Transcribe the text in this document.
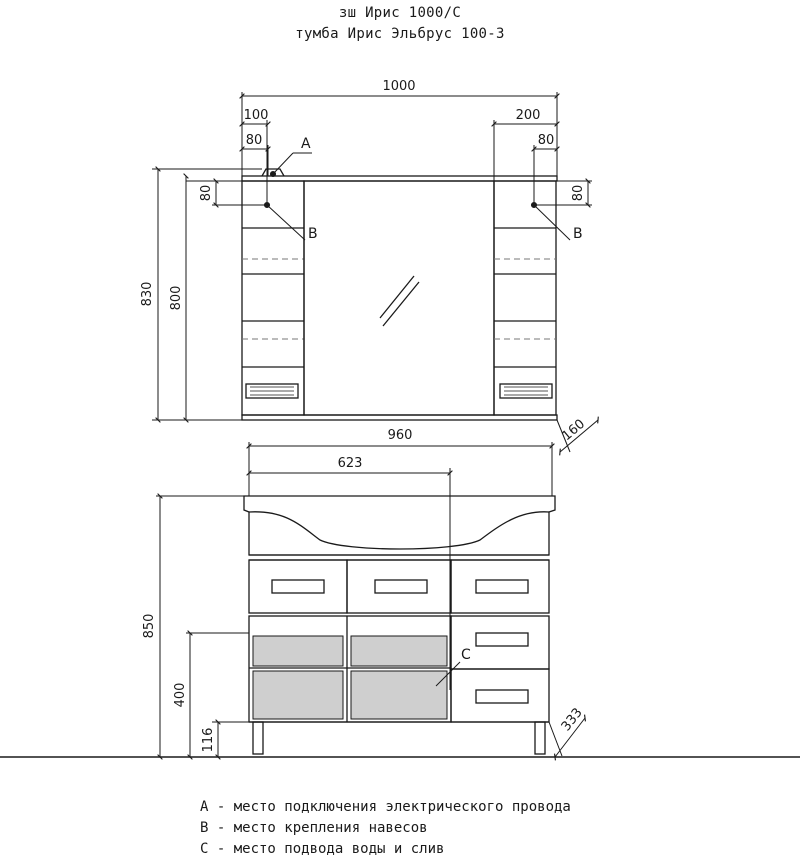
зш Ирис 1000/С
тумба Ирис Эльбрус 100-3
1000
100
80
200
80
80	80
830 800
160
A
B	B
960
623
850
400
116
333
C
A - место подключения электрического провода
B - место крепления навесов
C - место подвода воды и слив
